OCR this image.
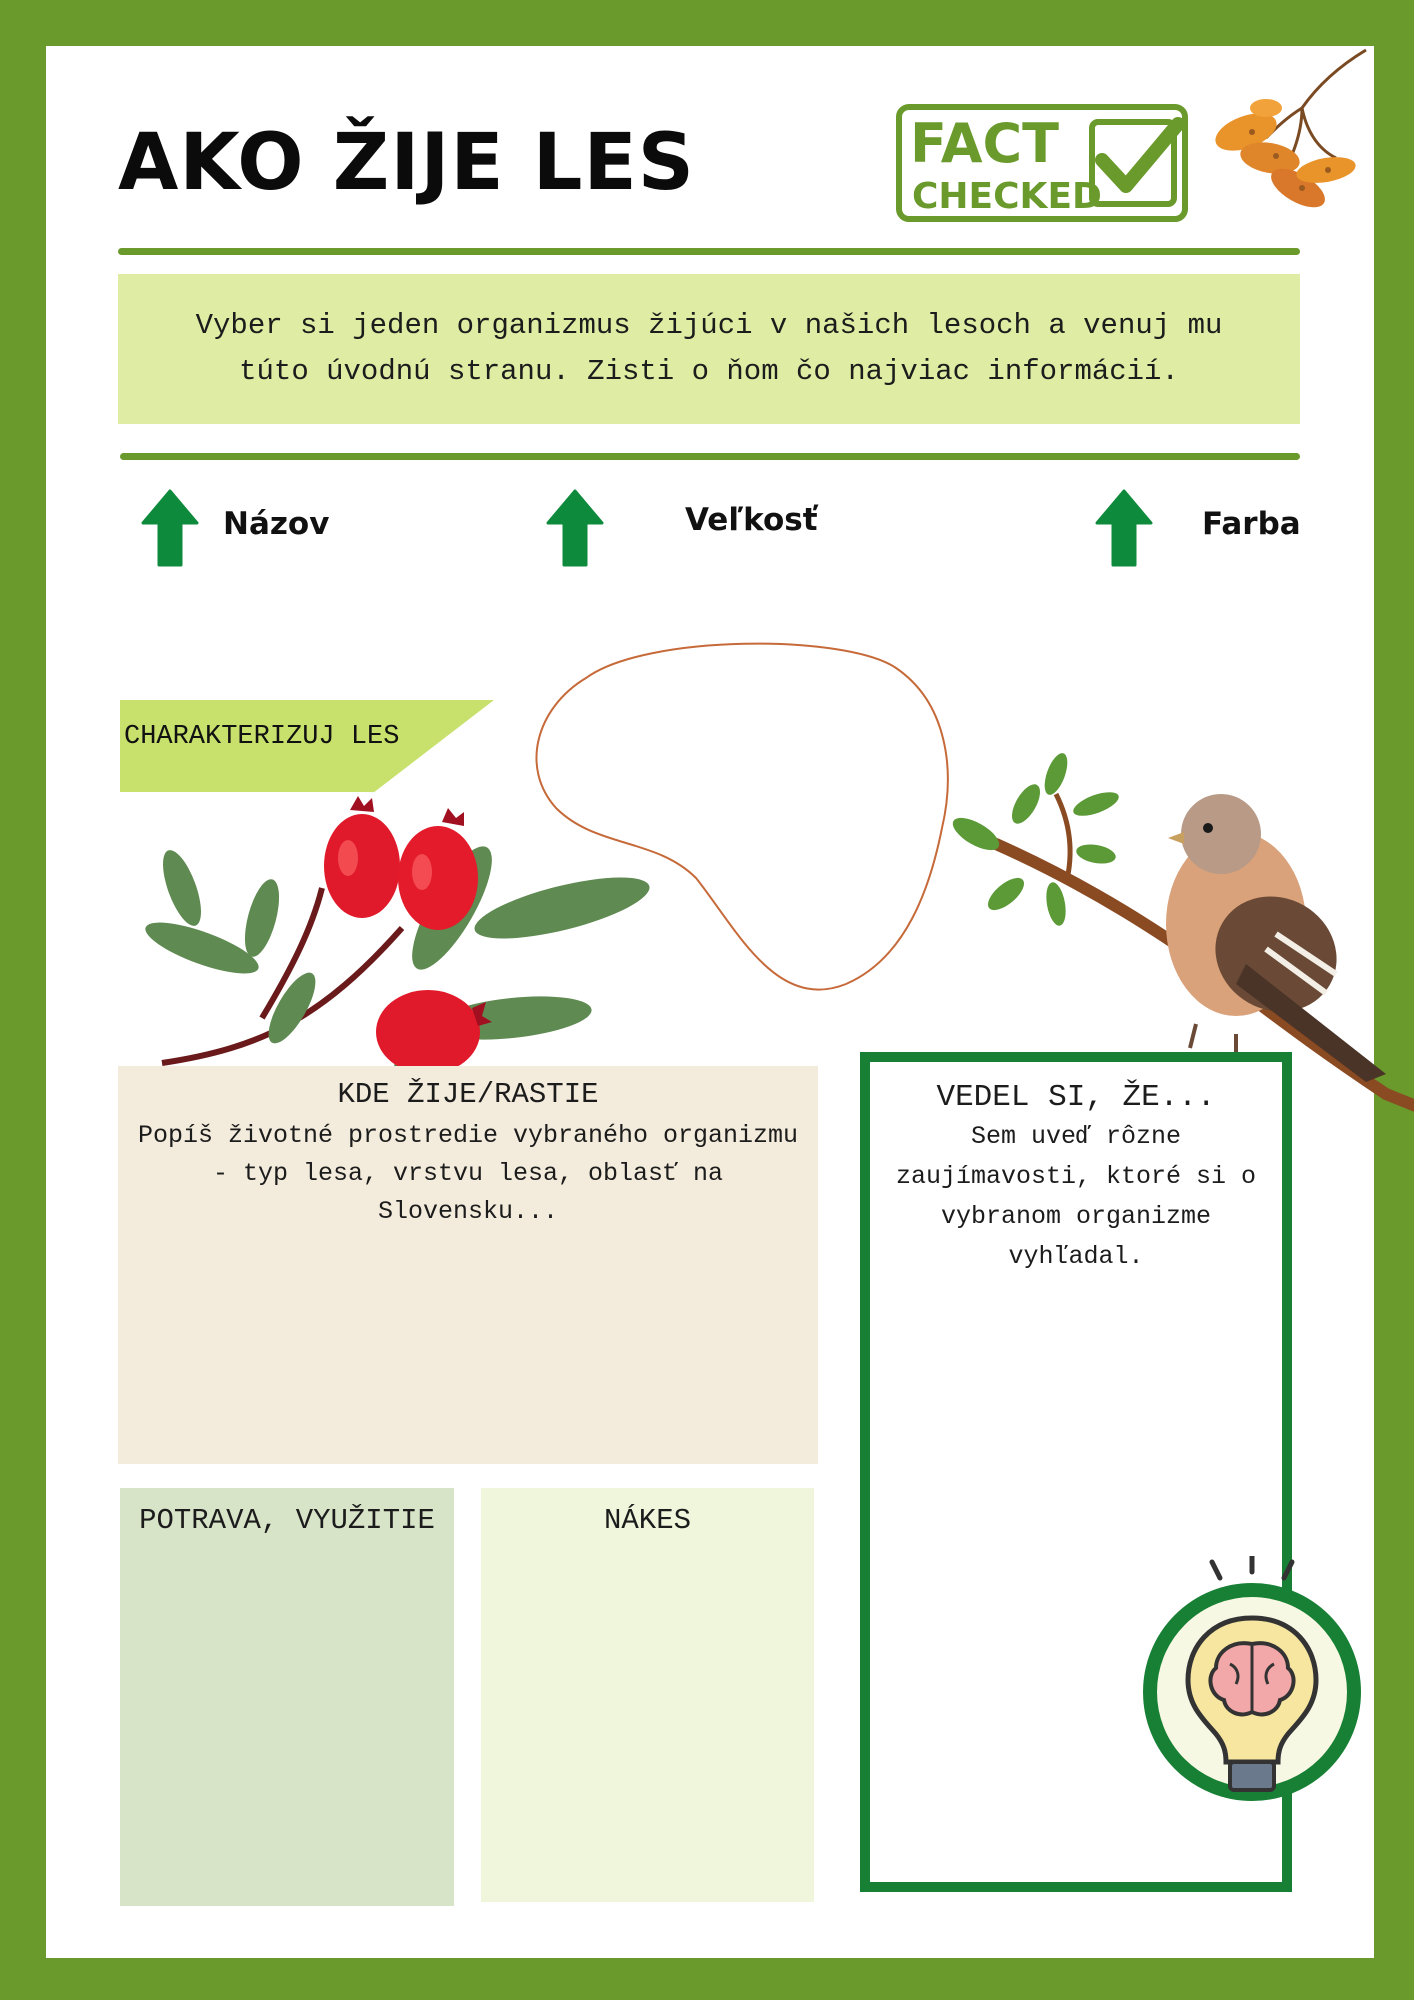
AKO ŽIJE LES	FACT
CHECKED
Vyber si jeden organizmus žijúci v našich lesoch a venuj mu túto úvodnú stranu. Zisti o ňom čo najviac informácií.
Názov	Veľkosť	Farba
CHARAKTERIZUJ LES
KDE ŽIJE/RASTIE
Popíš životné prostredie vybraného organizmu - typ lesa, vrstvu lesa, oblasť na Slovensku...
POTRAVA, VYUŽITIE	NÁKES
VEDEL SI, ŽE...
Sem uveď rôzne zaujímavosti, ktoré si o vybranom organizme vyhľadal.
